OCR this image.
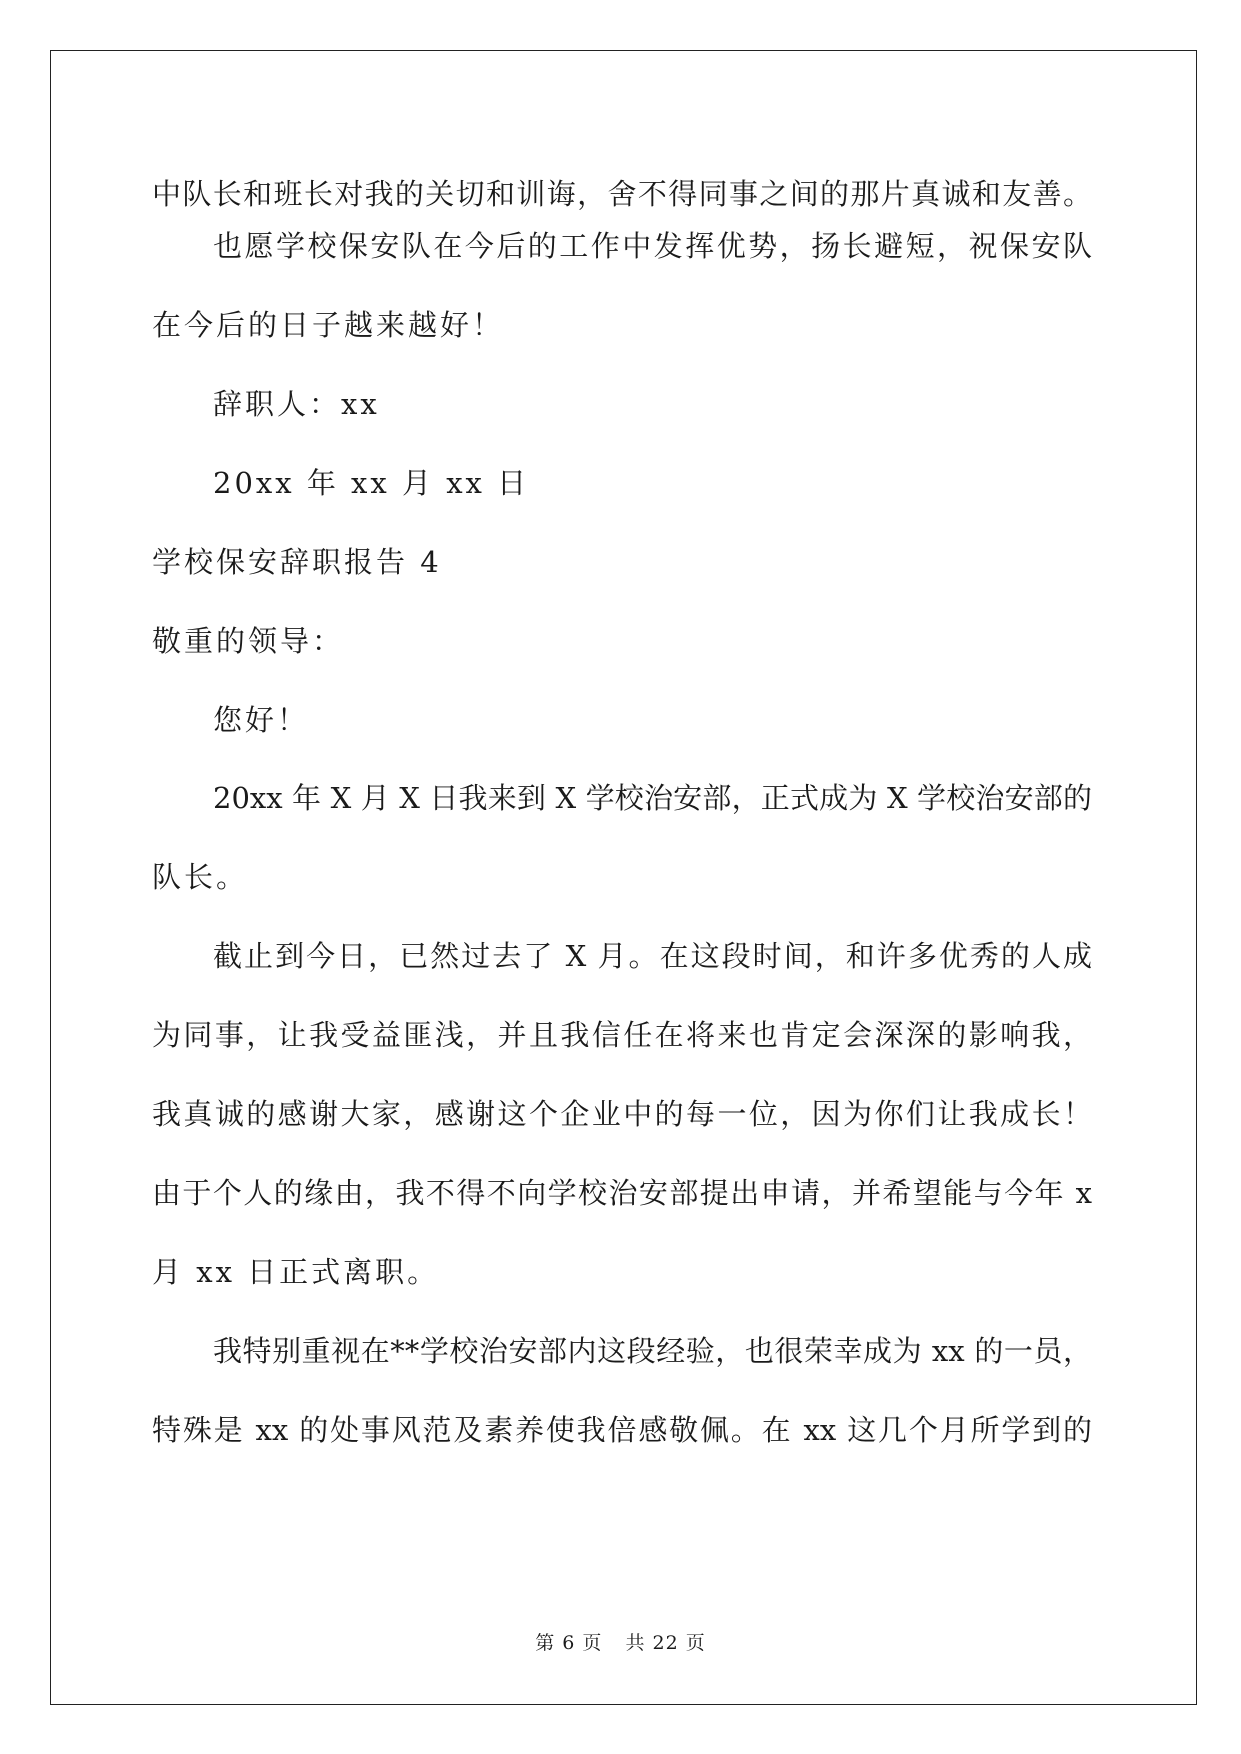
中队长和班长对我的关切和训诲，舍不得同事之间的那片真诚和友善。
也愿学校保安队在今后的工作中发挥优势，扬长避短，祝保安队
在今后的日子越来越好！
辞职人：xx
20xx 年 xx 月 xx 日
学校保安辞职报告 4
敬重的领导：
您好！
20xx 年 X 月 X 日我来到 X 学校治安部，正式成为 X 学校治安部的
队长。
截止到今日，已然过去了 X 月。在这段时间，和许多优秀的人成
为同事，让我受益匪浅，并且我信任在将来也肯定会深深的影响我，
我真诚的感谢大家，感谢这个企业中的每一位，因为你们让我成长！
由于个人的缘由，我不得不向学校治安部提出申请，并希望能与今年 x
月 xx 日正式离职。
我特别重视在**学校治安部内这段经验，也很荣幸成为 xx 的一员，
特殊是 xx 的处事风范及素养使我倍感敬佩。在 xx 这几个月所学到的
第 6 页 共 22 页
